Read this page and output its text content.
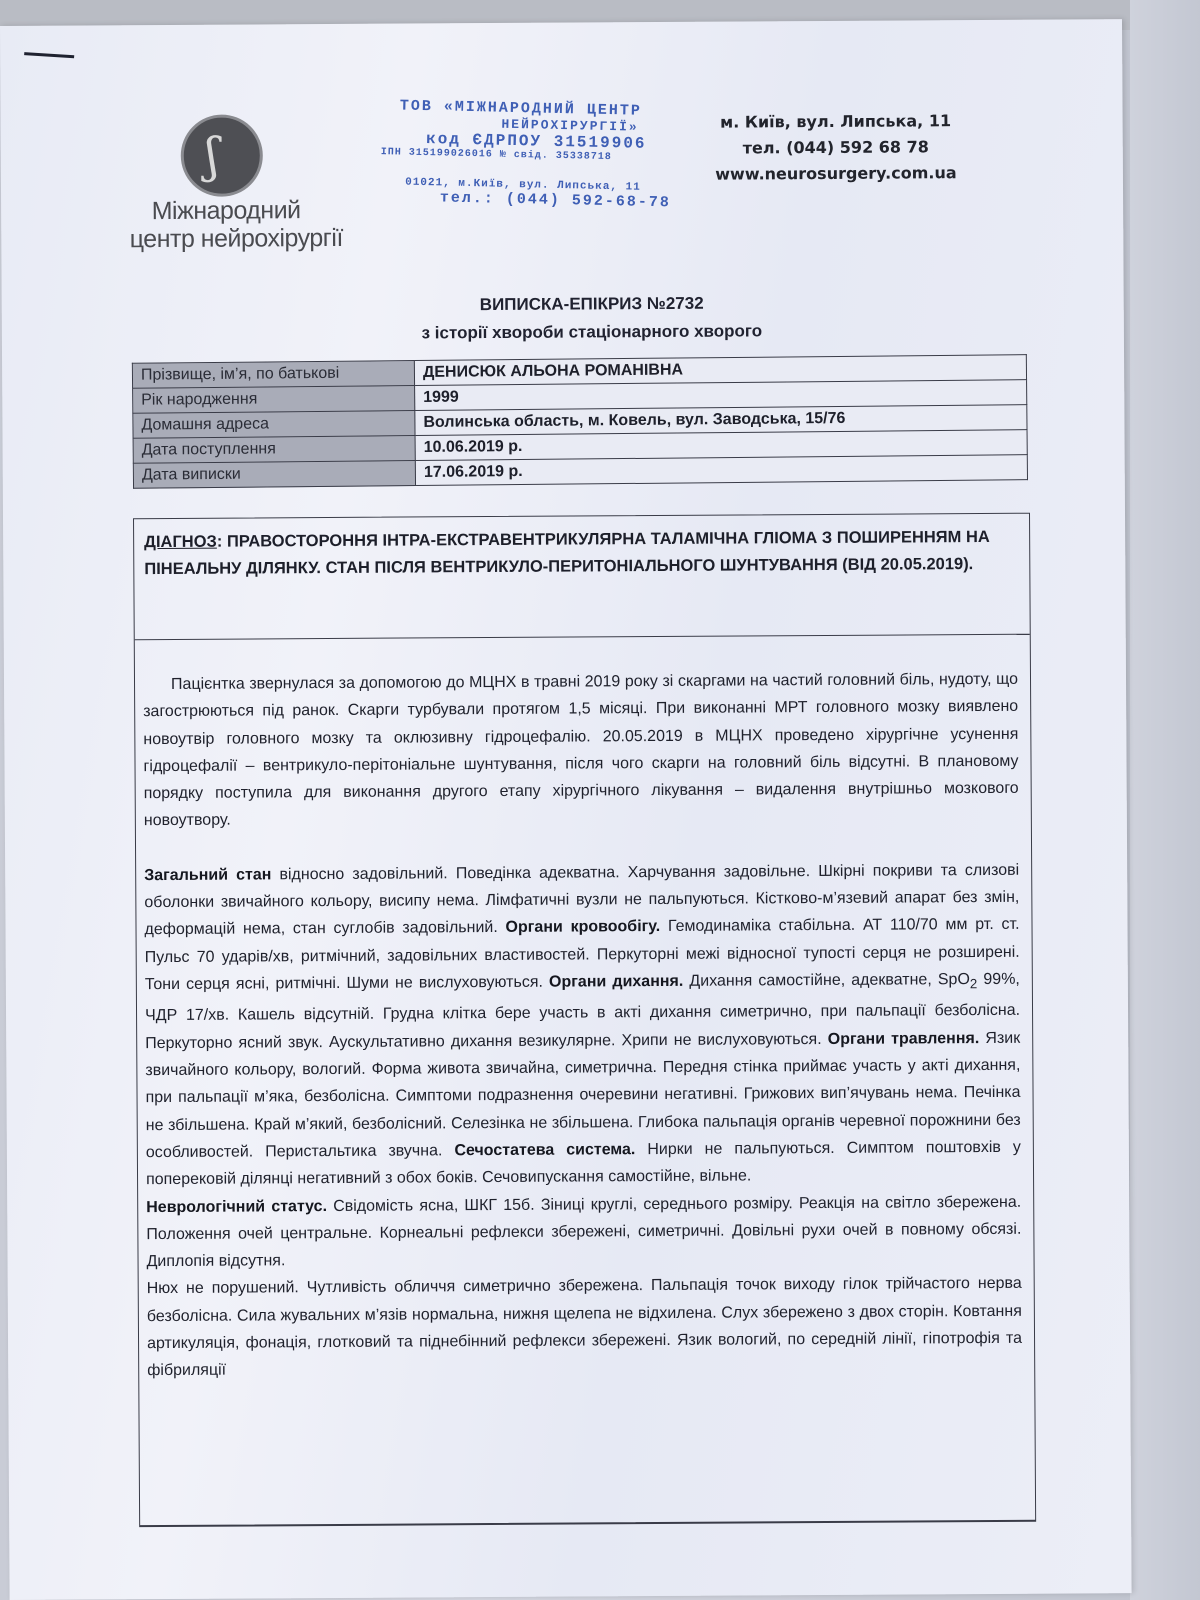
ʃ
Міжнародний
центр нейрохірургії
ТОВ «МІЖНАРОДНИЙ ЦЕНТР
НЕЙРОХІРУРГІЇ»
код ЄДРПОУ 31519906
ІПН 315199026016 № свід. 35338718
01021, м.Київ, вул. Липська, 11
тел.: (044) 592-68-78
м. Київ, вул. Липська, 11
тел. (044) 592 68 78
www.neurosurgery.com.ua
ВИПИСКА-ЕПІКРИЗ №2732
з історії хвороби стаціонарного хворого
Прізвище, ім’я, по батькові	ДЕНИСЮК АЛЬОНА РОМАНІВНА
Рік народження	1999
Домашня адреса	Волинська область, м. Ковель, вул. Заводська, 15/76
Дата поступлення	10.06.2019 р.
Дата виписки	17.06.2019 р.

ДІАГНОЗ: ПРАВОСТОРОННЯ ІНТРА-ЕКСТРАВЕНТРИКУЛЯРНА ТАЛАМІЧНА ГЛІОМА З ПОШИРЕННЯМ НА ПІНЕАЛЬНУ ДІЛЯНКУ. СТАН ПІСЛЯ ВЕНТРИКУЛО-ПЕРИТОНІАЛЬНОГО ШУНТУВАННЯ (ВІД 20.05.2019).

Пацієнтка звернулася за допомогою до МЦНХ в травні 2019 року зі скаргами на частий головний біль, нудоту, що загострюються під ранок. Скарги турбували протягом 1,5 місяці. При виконанні МРТ головного мозку виявлено новоутвір головного мозку та оклюзивну гідроцефалію. 20.05.2019 в МЦНХ проведено хірургічне усунення гідроцефалії – вентрикуло-перітоніальне шунтування, після чого скарги на головний біль відсутні. В плановому порядку поступила для виконання другого етапу хірургічного лікування – видалення внутрішньо мозкового новоутвору.

Загальний стан відносно задовільний. Поведінка адекватна. Харчування задовільне. Шкірні покриви та слизові оболонки звичайного кольору, висипу нема. Лімфатичні вузли не пальпуються. Кістково-м’язевий апарат без змін, деформацій нема, стан суглобів задовільний. Органи кровообігу. Гемодинаміка стабільна. АТ 110/70 мм рт. ст. Пульс 70 ударів/хв, ритмічний, задовільних властивостей. Перкуторні межі відносної тупості серця не розширені. Тони серця ясні, ритмічні. Шуми не вислуховуються. Органи дихання. Дихання самостійне, адекватне, SpO$_2$ 99%, ЧДР 17/хв. Кашель відсутній. Грудна клітка бере участь в акті дихання симетрично, при пальпації безболісна. Перкуторно ясний звук. Аускультативно дихання везикулярне. Хрипи не вислуховуються. Органи травлення. Язик звичайного кольору, вологий. Форма живота звичайна, симетрична. Передня стінка приймає участь у акті дихання, при пальпації м’яка, безболісна. Симптоми подразнення очеревини негативні. Грижових вип’ячувань нема. Печінка не збільшена. Край м’який, безболісний. Селезінка не збільшена. Глибока пальпація органів черевної порожнини без особливостей. Перистальтика звучна. Сечостатева система. Нирки не пальпуються. Симптом поштовхів у поперековій ділянці негативний з обох боків. Сечовипускання самостійне, вільне.

Неврологічний статус. Свідомість ясна, ШКГ 15б. Зіниці круглі, середнього розміру. Реакція на світло збережена. Положення очей центральне. Корнеальні рефлекси збережені, симетричні. Довільні рухи очей в повному обсязі. Диплопія відсутня.

Нюх не порушений. Чутливість обличчя симетрично збережена. Пальпація точок виходу гілок трійчастого нерва безболісна. Сила жувальних м’язів нормальна, нижня щелепа не відхилена. Слух збережено з двох сторін. Ковтання артикуляція, фонація, глотковий та піднебінний рефлекси збережені. Язик вологий, по середній лінії, гіпотрофія та фібриляції
